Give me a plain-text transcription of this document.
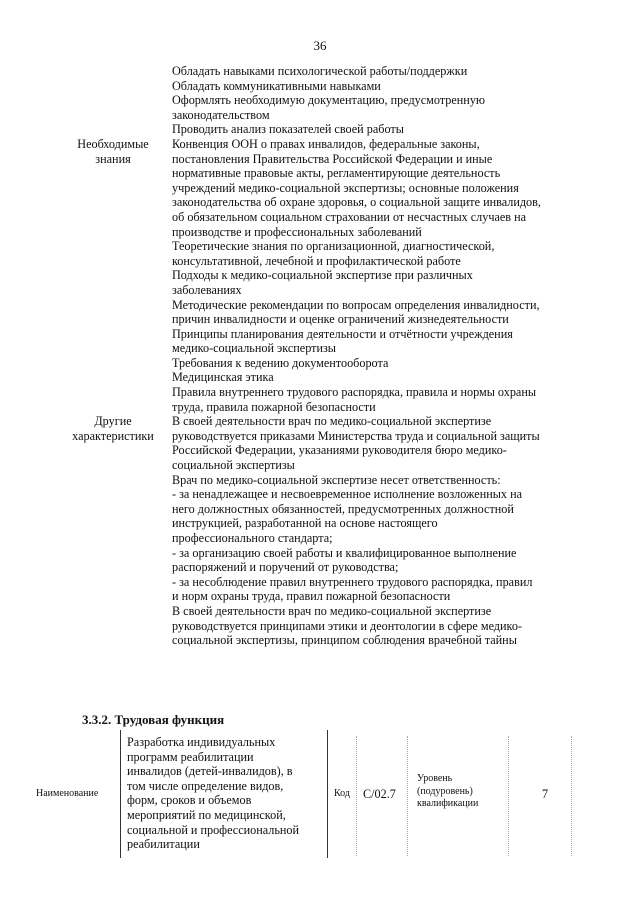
36
Обладать навыками психологической работы/поддержки
Обладать коммуникативными навыками
Оформлять необходимую документацию, предусмотренную
законодательством
Проводить анализ показателей своей работы
Необходимые
знания
Конвенция ООН о правах инвалидов, федеральные законы,
постановления Правительства Российской Федерации и иные
нормативные правовые акты, регламентирующие деятельность
учреждений медико-социальной экспертизы; основные положения
законодательства об охране здоровья, о социальной защите инвалидов,
об обязательном социальном страховании от несчастных случаев на
производстве и профессиональных заболеваний
Теоретические знания по организационной, диагностической,
консультативной, лечебной и профилактической работе
Подходы к медико-социальной экспертизе при различных
заболеваниях
Методические рекомендации по вопросам определения инвалидности,
причин инвалидности и оценке ограничений жизнедеятельности
Принципы планирования деятельности и отчётности учреждения
медико-социальной экспертизы
Требования к ведению документооборота
Медицинская этика
Правила внутреннего трудового распорядка, правила и нормы охраны
труда, правила пожарной безопасности
Другие
характеристики
В своей деятельности врач по медико-социальной экспертизе
руководствуется приказами Министерства труда и социальной защиты
Российской Федерации, указаниями руководителя бюро медико-
социальной экспертизы
Врач по медико-социальной экспертизе несет ответственность:
- за ненадлежащее и несвоевременное исполнение возложенных на
него должностных обязанностей, предусмотренных должностной
инструкцией, разработанной на основе настоящего
профессионального стандарта;
- за организацию своей работы и квалифицированное выполнение
распоряжений и поручений от руководства;
- за несоблюдение правил внутреннего трудового распорядка, правил
и норм охраны труда, правил пожарной безопасности
В своей деятельности врач по медико-социальной экспертизе
руководствуется принципами этики и деонтологии в сфере медико-
социальной экспертизы, принципом соблюдения врачебной тайны
3.3.2. Трудовая функция
Наименование
Разработка индивидуальных
программ реабилитации
инвалидов (детей-инвалидов), в
том числе определение видов,
форм, сроков и объемов
мероприятий по медицинской,
социальной и профессиональной
реабилитации
Код С/02.7
Уровень
(подуровень)
квалификации
7
